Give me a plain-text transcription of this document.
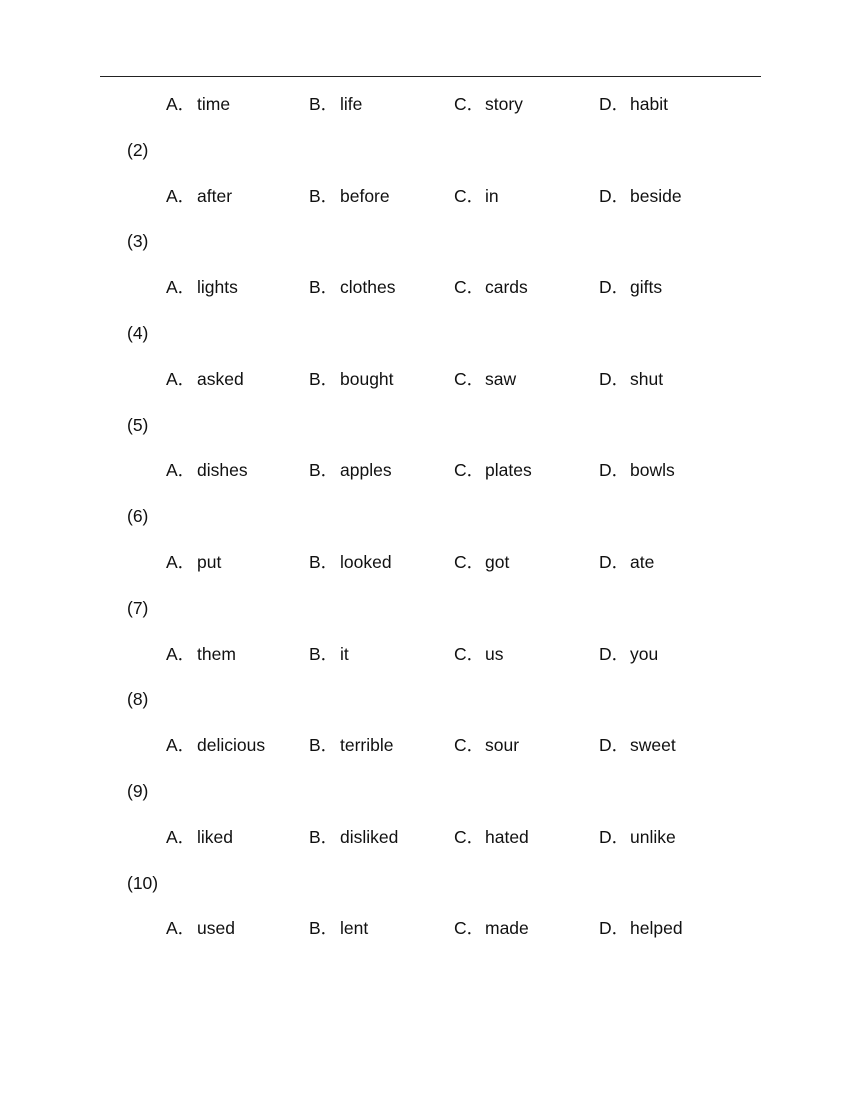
A． time	B． life	C．story	D．habit
(2)
A． after	B． before	C．in	D．beside
(3)
A． lights	B． clothes	C．cards	D．gifts
(4)
A． asked	B． bought	C．saw	D．shut
(5)
A． dishes	B． apples	C．plates	D．bowls
(6)
A． put	B． looked	C．got	D．ate
(7)
A． them	B． it	C．us	D．you
(8)
A． delicious	B． terrible	C．sour	D．sweet
(9)
A． liked	B． disliked	C．hated	D．unlike
(10)
A． used	B． lent	C．made	D．helped
